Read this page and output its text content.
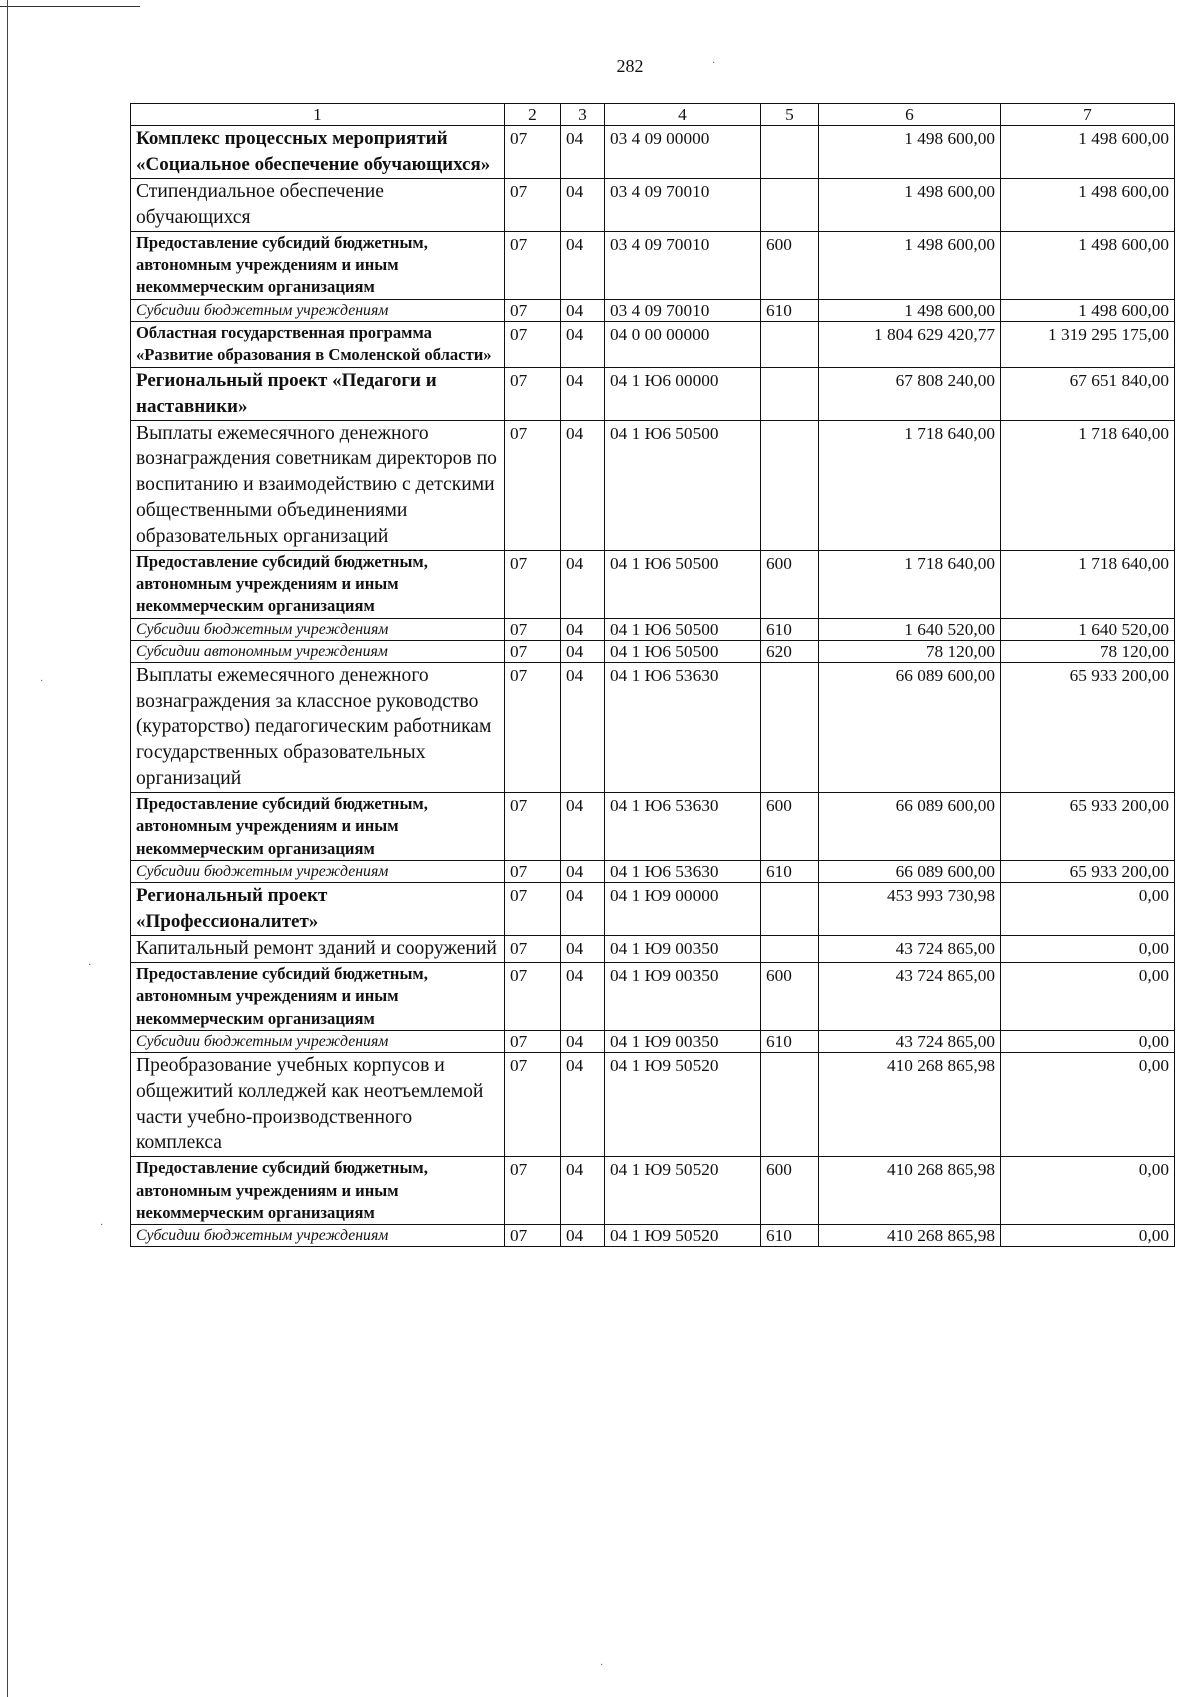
282
1	2	3	4	5	6	7
Комплекс процессных мероприятий «Социальное обеспечение обучающихся»	07	04	03 4 09 00000		1 498 600,00	1 498 600,00
Стипендиальное обеспечение обучающихся	07	04	03 4 09 70010		1 498 600,00	1 498 600,00
Предоставление субсидий бюджетным, автономным учреждениям и иным некоммерческим организациям	07	04	03 4 09 70010	600	1 498 600,00	1 498 600,00
Субсидии бюджетным учреждениям	07	04	03 4 09 70010	610	1 498 600,00	1 498 600,00
Областная государственная программа «Развитие образования в Смоленской области»	07	04	04 0 00 00000		1 804 629 420,77	1 319 295 175,00
Региональный проект «Педагоги и наставники»	07	04	04 1 Ю6 00000		67 808 240,00	67 651 840,00
Выплаты ежемесячного денежного вознаграждения советникам директоров по воспитанию и взаимодействию с детскими общественными объединениями образовательных организаций	07	04	04 1 Ю6 50500		1 718 640,00	1 718 640,00
Предоставление субсидий бюджетным, автономным учреждениям и иным некоммерческим организациям	07	04	04 1 Ю6 50500	600	1 718 640,00	1 718 640,00
Субсидии бюджетным учреждениям	07	04	04 1 Ю6 50500	610	1 640 520,00	1 640 520,00
Субсидии автономным учреждениям	07	04	04 1 Ю6 50500	620	78 120,00	78 120,00
Выплаты ежемесячного денежного вознаграждения за классное руководство (кураторство) педагогическим работникам государственных образовательных организаций	07	04	04 1 Ю6 53630		66 089 600,00	65 933 200,00
Предоставление субсидий бюджетным, автономным учреждениям и иным некоммерческим организациям	07	04	04 1 Ю6 53630	600	66 089 600,00	65 933 200,00
Субсидии бюджетным учреждениям	07	04	04 1 Ю6 53630	610	66 089 600,00	65 933 200,00
Региональный проект «Профессионалитет»	07	04	04 1 Ю9 00000		453 993 730,98	0,00
Капитальный ремонт зданий и сооружений	07	04	04 1 Ю9 00350		43 724 865,00	0,00
Предоставление субсидий бюджетным, автономным учреждениям и иным некоммерческим организациям	07	04	04 1 Ю9 00350	600	43 724 865,00	0,00
Субсидии бюджетным учреждениям	07	04	04 1 Ю9 00350	610	43 724 865,00	0,00
Преобразование учебных корпусов и общежитий колледжей как неотъемлемой части учебно-производственного комплекса	07	04	04 1 Ю9 50520		410 268 865,98	0,00
Предоставление субсидий бюджетным, автономным учреждениям и иным некоммерческим организациям	07	04	04 1 Ю9 50520	600	410 268 865,98	0,00
Субсидии бюджетным учреждениям	07	04	04 1 Ю9 50520	610	410 268 865,98	0,00
·
·
·
·
·
